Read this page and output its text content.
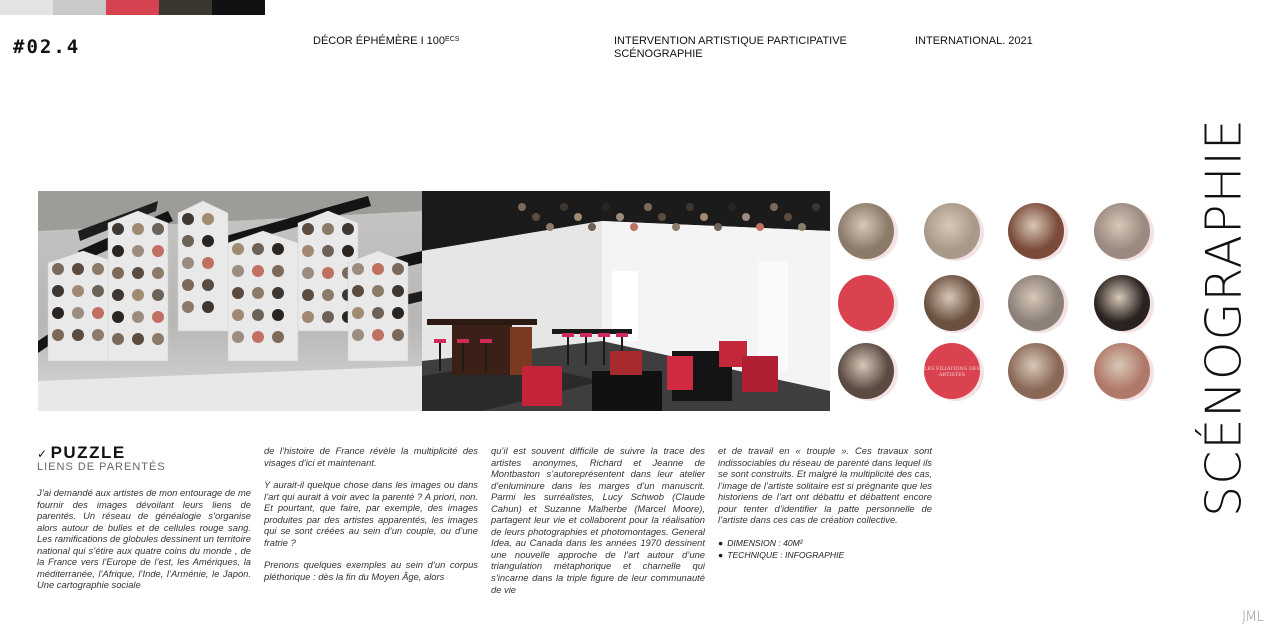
#02.4	DÉCOR ÉPHÉMÈRE I $100^{ECS}$	INTERVENTION ARTISTIQUE PARTICIPATIVE
SCÉNOGRAPHIE
INTERNATIONAL. 2021
SCÉNOGRAPHIE
LES FILIATIONS DES ARTISTES
✓ PUZZLE
LIENS DE PARENTÉS

J’ai demandé aux artistes de mon entourage de me fournir des images dévoilant leurs liens de parentés. Un réseau de généalogie s’organise alors autour de bulles et de cellules rouge sang. Les ramifications de globules dessinent un territoire national qui s’étire aux quatre coins du monde , de la France vers l’Europe de l’est, les Amériques, la méditerranée, l’Afrique, l’Inde, l’Arménie, le Japon. Une cartographie sociale

de l’histoire de France révèle la multiplicité des visages d’ici et maintenant.

Y aurait-il quelque chose dans les images ou dans l’art qui aurait à voir avec la parenté ? A priori, non. Et pourtant, que faire, par exemple, des images produites par des artistes apparentés, les images qui se sont créées au sein d’un couple, ou d’une fratrie ?

Prenons quelques exemples au sein d’un corpus pléthorique : dès la fin du Moyen Âge, alors

qu’il est souvent difficile de suivre la trace des artistes anonymes, Richard et Jeanne de Montbaston s’autoreprésentent dans leur atelier d’enluminure dans les marges d’un manuscrit. Parmi les surréalistes, Lucy Schwob (Claude Cahun) et Suzanne Malherbe (Marcel Moore), partagent leur vie et collaborent pour la réalisation de leurs photographies et photomontages. General Idea, au Canada dans les années 1970 dessinent une nouvelle approche de l’art autour d’une triangulation métaphorique et charnelle qui s’incarne dans la triple figure de leur communauté de vie

et de travail en « trouple ». Ces travaux sont indissociables du réseau de parenté dans lequel ils se sont construits. Et malgré la multiplicité des cas, l’image de l’artiste solitaire est si prégnante que les historiens de l’art ont débattu et débattent encore pour tenter d’identifier la patte personnelle de l’artiste dans ces cas de création collective.

● DIMENSION : 40M²
● TECHNIQUE : INFOGRAPHIE
JML
